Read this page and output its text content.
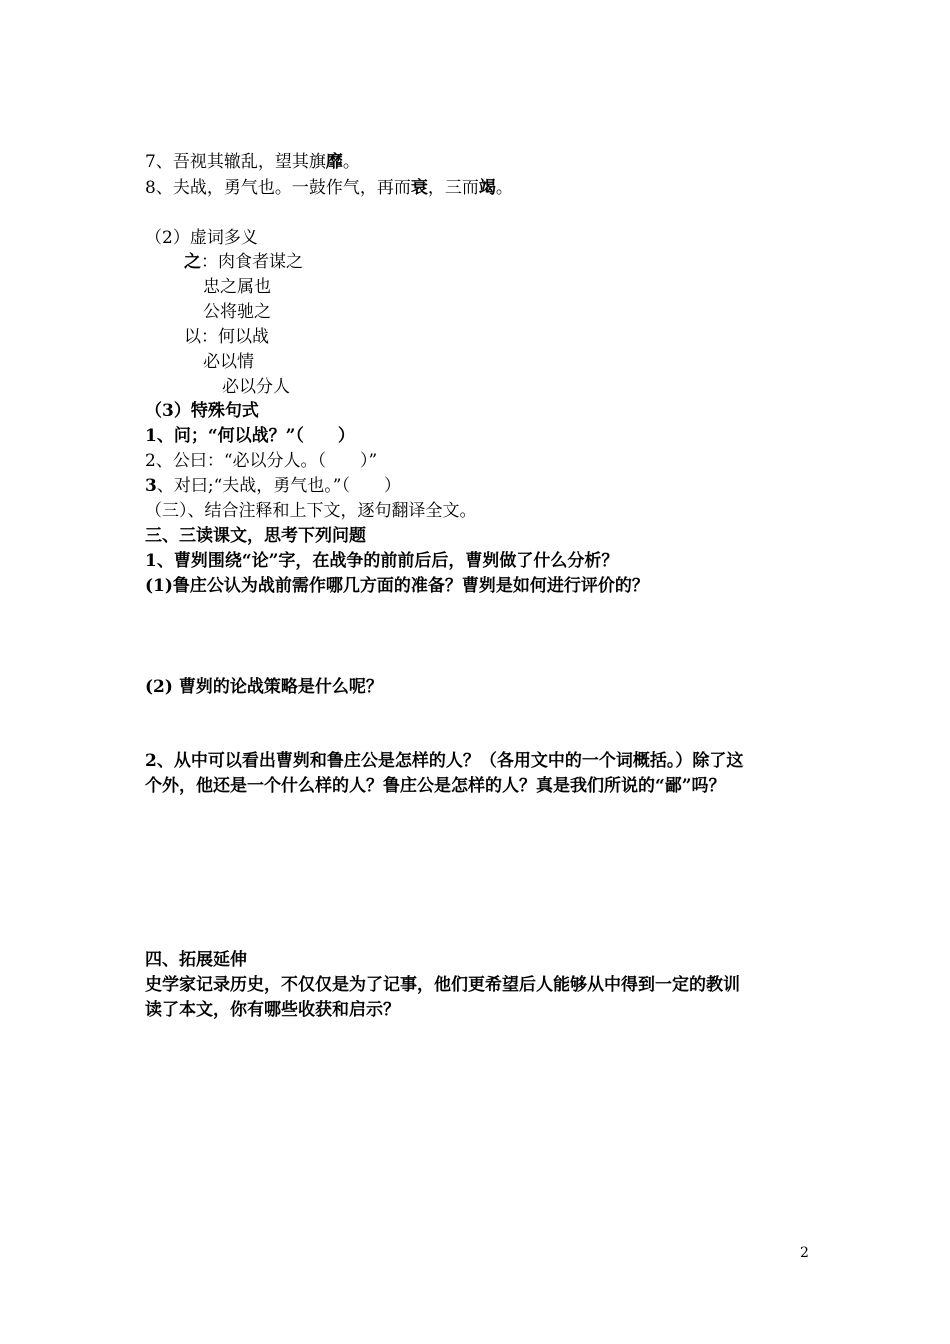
7、吾视其辙乱，望其旗靡。
8、夫战，勇气也。一鼓作气，再而衰，三而竭。
（2）虚词多义
之：肉食者谋之
忠之属也
公将驰之
以：何以战
必以情
必以分人
（3）特殊句式
1、问；“何以战？”（　　）
2、公曰：“必以分人。（　　）”
3、对曰;“夫战，勇气也。”（　　）
（三）、结合注释和上下文，逐句翻译全文。
三、三读课文，思考下列问题
1、曹刿围绕“论”字，在战争的前前后后，曹刿做了什么分析？
(1)鲁庄公认为战前需作哪几方面的准备？曹刿是如何进行评价的？
(2) 曹刿的论战策略是什么呢？
2、从中可以看出曹刿和鲁庄公是怎样的人？（各用文中的一个词概括。）除了这
个外，他还是一个什么样的人？鲁庄公是怎样的人？真是我们所说的“鄙”吗？
四、拓展延伸
史学家记录历史，不仅仅是为了记事，他们更希望后人能够从中得到一定的教训
读了本文，你有哪些收获和启示？
2
